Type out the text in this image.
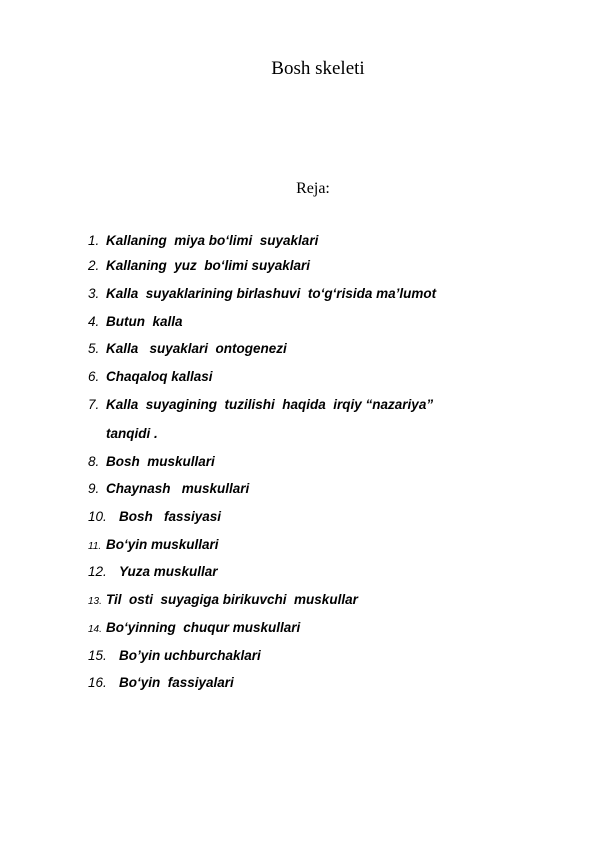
Bosh skeleti
Reja:
1. Kallaning  miya bo‘limi  suyaklari
2. Kallaning  yuz  bo‘limi suyaklari
3. Kalla  suyaklarining birlashuvi  to‘g‘risida ma’lumot
4. Butun  kalla
5. Kalla   suyaklari  ontogenezi
6. Chaqaloq kallasi
7. Kalla  suyagining  tuzilishi  haqida  irqiy “nazariya”
tanqidi .
8. Bosh  muskullari
9. Chaynash   muskullari
10. Bosh   fassiyasi
11. Bo‘yin muskullari
12. Yuza muskullar
13. Til  osti  suyagiga birikuvchi  muskullar
14. Bo‘yinning  chuqur muskullari
15. Bo’yin uchburchaklari
16. Bo‘yin  fassiyalari
